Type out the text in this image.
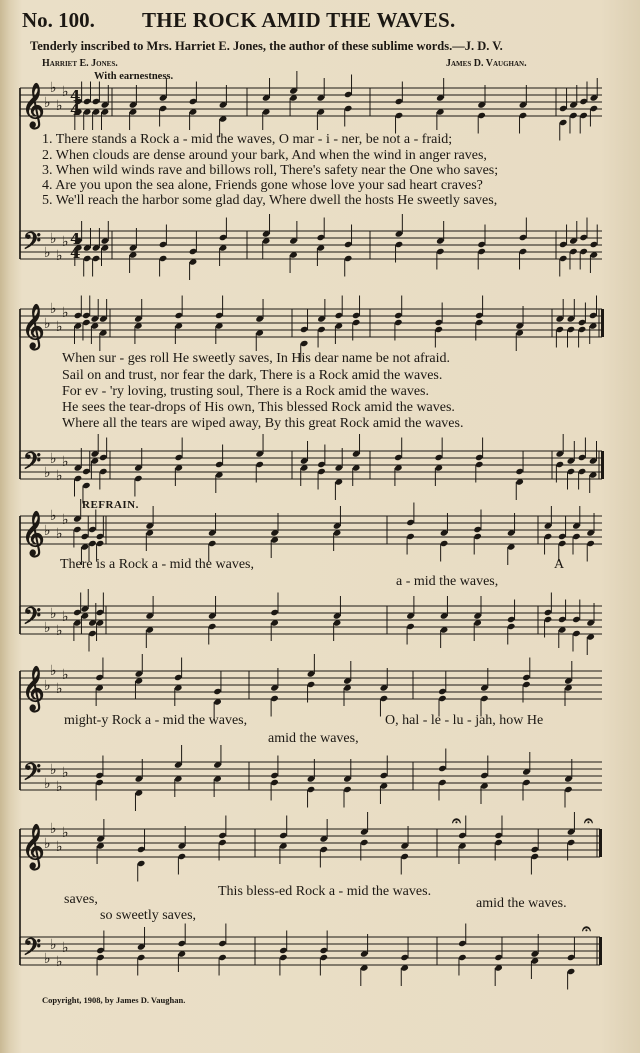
No. 100. THE ROCK AMID THE WAVES.
Tenderly inscribed to Mrs. Harriet E. Jones, the author of these sublime words.—J. D. V.
Harriet E. Jones.	James D. Vaughan.
With earnestness.
𝄞 ♭
♭
♭
♭ 4
4
𝄢 ♭
♭
♭
♭ 4
4
𝄞 ♭
♭
♭
♭
𝄢 ♭
♭
♭
♭
𝄞 ♭
♭
♭
♭
𝄢 ♭
♭
♭
♭
𝄞 ♭
♭
♭
♭
𝄢 ♭
♭
♭
♭
𝄞 ♭
♭
♭
♭
𝄢 ♭
♭
♭
♭
𝄐	𝄐
𝄐
1. There stands a Rock a - mid the waves, O mar - i - ner, be not a - fraid;
2. When clouds are dense around your bark, And when the wind in anger raves,
3. When wild winds rave and billows roll, There's safety near the One who saves;
4. Are you upon the sea alone, Friends gone whose love your sad heart craves?
5. We'll reach the harbor some glad day, Where dwell the hosts He sweetly saves,
When sur - ges roll He sweetly saves, In His dear name be not afraid.
Sail on and trust, nor fear the dark, There is a Rock amid the waves.
For ev - 'ry loving, trusting soul, There is a Rock amid the waves.
He sees the tear-drops of His own, This blessed Rock amid the waves.
Where all the tears are wiped away, By this great Rock amid the waves.
REFRAIN.
There is a Rock a - mid the waves,
a - mid the waves,
A
might-y Rock a - mid the waves,
amid the waves,
O, hal - le - lu - jah, how He
saves,
This bless-ed Rock a - mid the waves.
so sweetly saves,
amid the waves.
Copyright, 1908, by James D. Vaughan.
